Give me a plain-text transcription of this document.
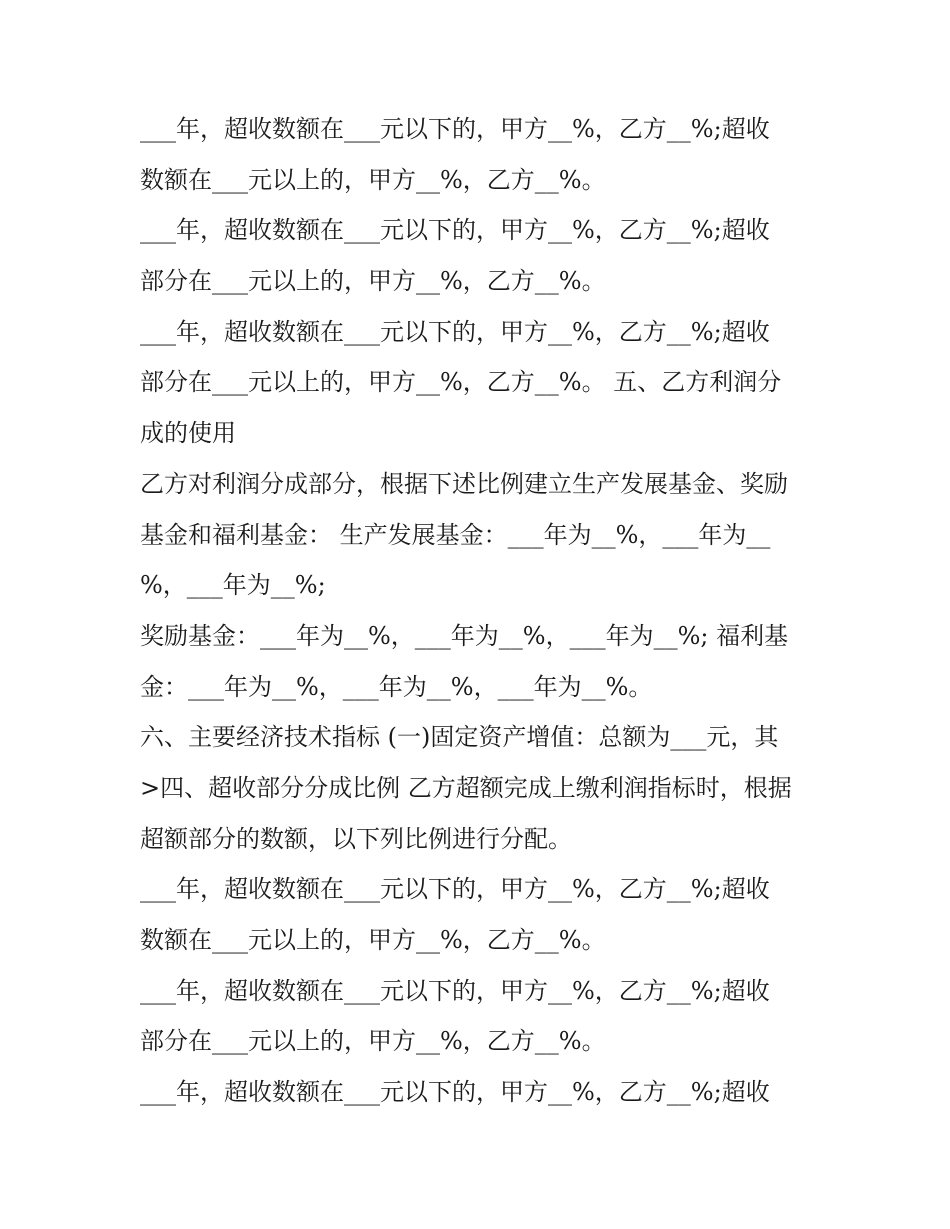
___年，超收数额在___元以下的，甲方__%，乙方__%;超收
数额在___元以上的，甲方__%，乙方__%。
___年，超收数额在___元以下的，甲方__%，乙方__%;超收
部分在___元以上的，甲方__%，乙方__%。
___年，超收数额在___元以下的，甲方__%，乙方__%;超收
部分在___元以上的，甲方__%，乙方__%。 五、乙方利润分
成的使用
乙方对利润分成部分，根据下述比例建立生产发展基金、奖励
基金和福利基金： 生产发展基金：___年为__%，___年为__
%，___年为__%;
奖励基金：___年为__%，___年为__%，___年为__%; 福利基
金：___年为__%，___年为__%，___年为__%。
六、主要经济技术指标 (一)固定资产增值：总额为___元，其
>四、超收部分分成比例 乙方超额完成上缴利润指标时，根据
超额部分的数额，以下列比例进行分配。
___年，超收数额在___元以下的，甲方__%，乙方__%;超收
数额在___元以上的，甲方__%，乙方__%。
___年，超收数额在___元以下的，甲方__%，乙方__%;超收
部分在___元以上的，甲方__%，乙方__%。
___年，超收数额在___元以下的，甲方__%，乙方__%;超收
